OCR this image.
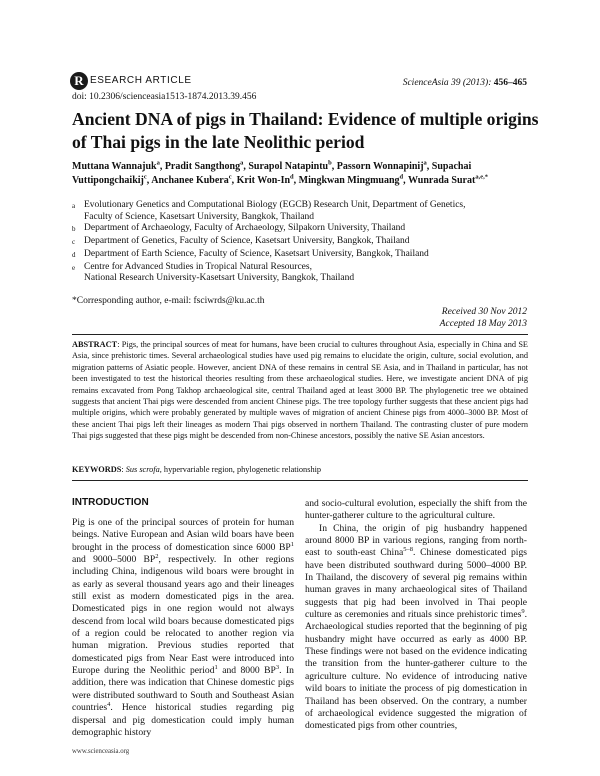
R ESEARCH ARTICLE
doi: 10.2306/scienceasia1513-1874.2013.39.456
ScienceAsia 39 (2013): 456–465
Ancient DNA of pigs in Thailand: Evidence of multiple origins of Thai pigs in the late Neolithic period
Muttana Wannajuk$^a$, Pradit Sangthong$^a$, Surapol Natapintu$^b$, Passorn Wonnapinij$^a$, Supachai Vuttipongchaikij$^c$, Anchanee Kubera$^c$, Krit Won-In$^d$, Mingkwan Mingmuang$^d$, Wunrada Surat$^{a,e,*}$
a Evolutionary Genetics and Computational Biology (EGCB) Research Unit, Department of Genetics,
Faculty of Science, Kasetsart University, Bangkok, Thailand
b Department of Archaeology, Faculty of Archaeology, Silpakorn University, Thailand
c Department of Genetics, Faculty of Science, Kasetsart University, Bangkok, Thailand
d Department of Earth Science, Faculty of Science, Kasetsart University, Bangkok, Thailand
e Centre for Advanced Studies in Tropical Natural Resources,
National Research University-Kasetsart University, Bangkok, Thailand
*Corresponding author, e-mail: fsciwrds@ku.ac.th
Received 30 Nov 2012
Accepted 18 May 2013
ABSTRACT: Pigs, the principal sources of meat for humans, have been crucial to cultures throughout Asia, especially in China and SE Asia, since prehistoric times. Several archaeological studies have used pig remains to elucidate the origin, culture, social evolution, and migration patterns of Asiatic people. However, ancient DNA of these remains in central SE Asia, and in Thailand in particular, has not been investigated to test the historical theories resulting from these archaeological studies. Here, we investigate ancient DNA of pig remains excavated from Pong Takhop archaeological site, central Thailand aged at least 3000 BP. The phylogenetic tree we obtained suggests that ancient Thai pigs were descended from ancient Chinese pigs. The tree topology further suggests that these ancient pigs had multiple origins, which were probably generated by multiple waves of migration of ancient Chinese pigs from 4000–3000 BP. Most of these ancient Thai pigs left their lineages as modern Thai pigs observed in northern Thailand. The contrasting cluster of pure modern Thai pigs suggested that these pigs might be descended from non-Chinese ancestors, possibly the native SE Asian ancestors.
KEYWORDS: Sus scrofa, hypervariable region, phylogenetic relationship
INTRODUCTION

Pig is one of the principal sources of protein for human beings. Native European and Asian wild boars have been brought in the process of domestication since 6000 $BP^1$ and 9000–5000 $BP^2$, respectively. In other regions including China, indigenous wild boars were brought in as early as several thousand years ago and their lineages still exist as modern domesticated pigs in the area. Domesticated pigs in one region would not always descend from local wild boars because domesticated pigs of a region could be relocated to another region via human migration. Previous studies reported that domesticated pigs from Near East were introduced into Europe during the Neolithic period$^1$ and 8000 $BP^3$. In addition, there was indication that Chinese domestic pigs were distributed southward to South and Southeast Asian countries$^4$. Hence historical studies regarding pig dispersal and pig domestication could imply human demographic history

and socio-cultural evolution, especially the shift from the hunter-gatherer culture to the agricultural culture.

In China, the origin of pig husbandry happened around 8000 BP in various regions, ranging from north-east to south-east China$^{5-8}$. Chinese domesticated pigs have been distributed southward during 5000–4000 BP. In Thailand, the discovery of several pig remains within human graves in many archaeological sites of Thailand suggests that pig had been involved in Thai people culture as ceremonies and rituals since prehistoric times$^9$. Archaeological studies reported that the beginning of pig husbandry might have occurred as early as 4000 BP. These findings were not based on the evidence indicating the transition from the hunter-gatherer culture to the agriculture culture. No evidence of introducing native wild boars to initiate the process of pig domestication in Thailand has been observed. On the contrary, a number of archaeological evidence suggested the migration of domesticated pigs from other countries,

www.scienceasia.org
